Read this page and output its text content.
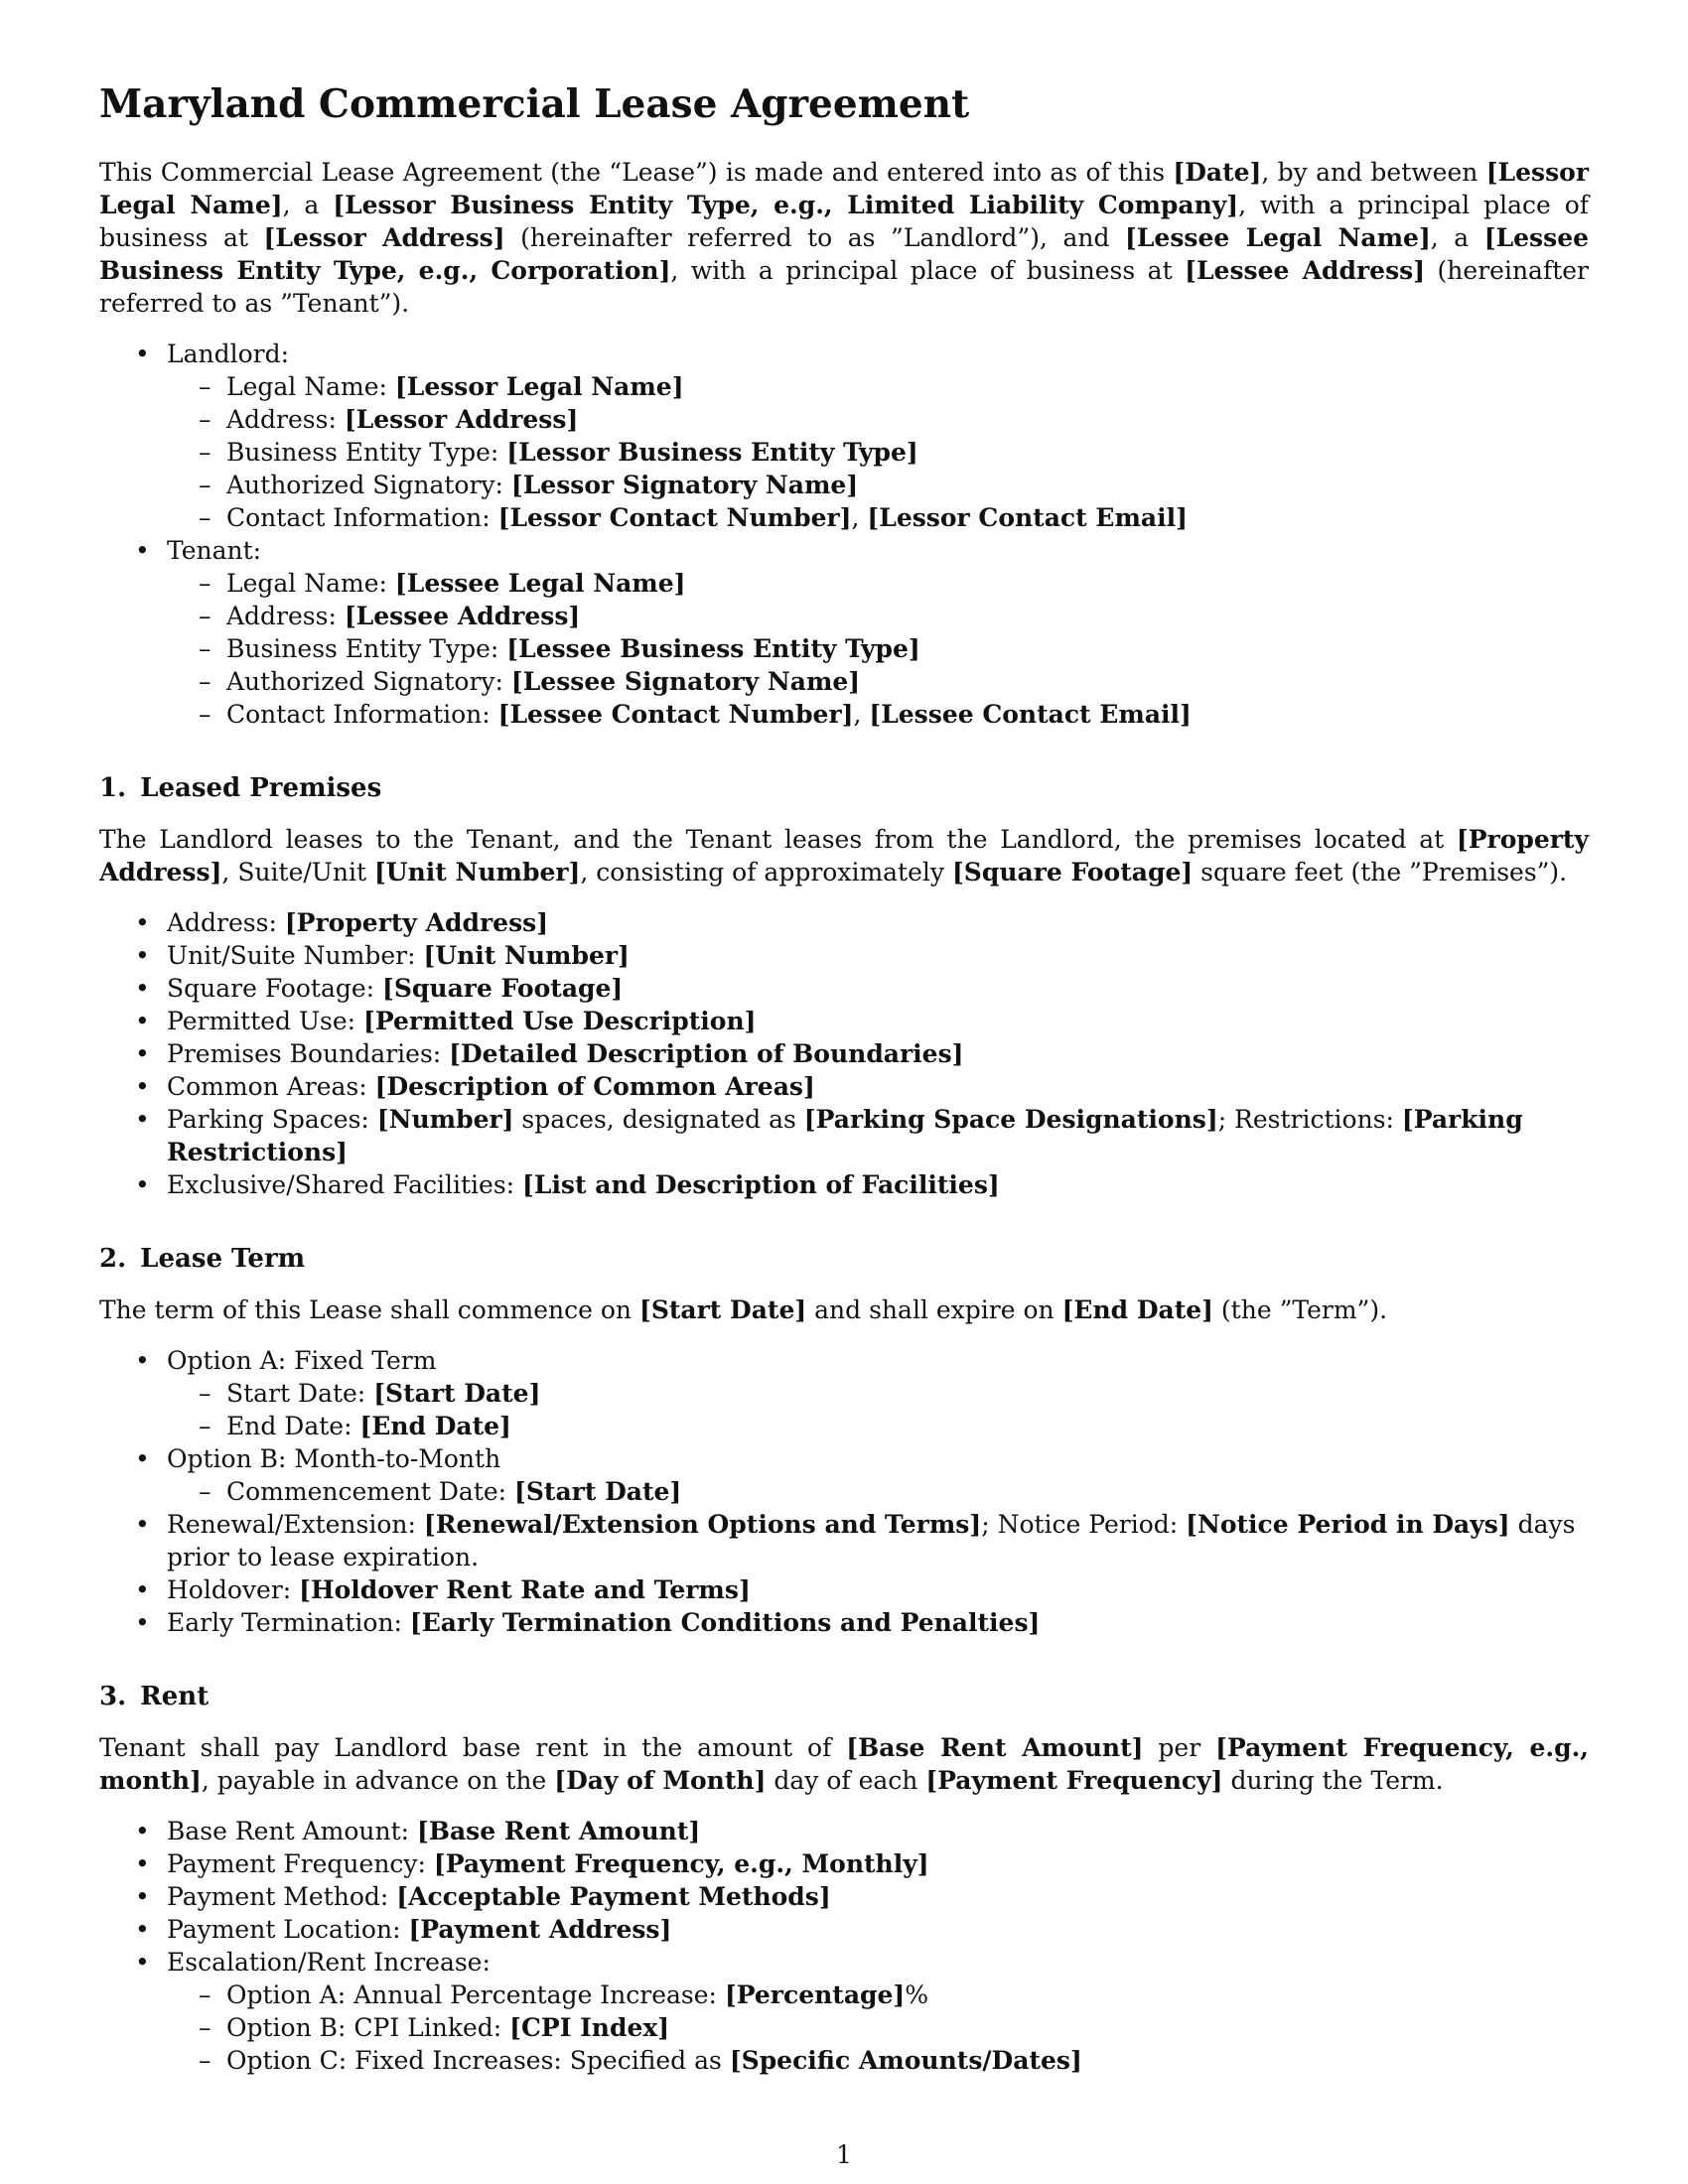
Maryland Commercial Lease Agreement

This Commercial Lease Agreement (the “Lease”) is made and entered into as of this [Date], by and between [Lessor Legal Name], a [Lessor Business Entity Type, e.g., Limited Liability Company], with a principal place of business at [Lessor Address] (hereinafter referred to as ”Landlord”), and [Lessee Legal Name], a [Lessee Business Entity Type, e.g., Corporation], with a principal place of business at [Lessee Address] (hereinafter referred to as ”Tenant”).

• Landlord:
– Legal Name: [Lessor Legal Name]
– Address: [Lessor Address]
– Business Entity Type: [Lessor Business Entity Type]
– Authorized Signatory: [Lessor Signatory Name]
– Contact Information: [Lessor Contact Number], [Lessor Contact Email]
• Tenant:
– Legal Name: [Lessee Legal Name]
– Address: [Lessee Address]
– Business Entity Type: [Lessee Business Entity Type]
– Authorized Signatory: [Lessee Signatory Name]
– Contact Information: [Lessee Contact Number], [Lessee Contact Email]
1. Leased Premises

The Landlord leases to the Tenant, and the Tenant leases from the Landlord, the premises located at [Property Address], Suite/Unit [Unit Number], consisting of approximately [Square Footage] square feet (the ”Premises”).

• Address: [Property Address]
• Unit/Suite Number: [Unit Number]
• Square Footage: [Square Footage]
• Permitted Use: [Permitted Use Description]
• Premises Boundaries: [Detailed Description of Boundaries]
• Common Areas: [Description of Common Areas]
• Parking Spaces: [Number] spaces, designated as [Parking Space Designations]; Restrictions: [Parking Restrictions]
• Exclusive/Shared Facilities: [List and Description of Facilities]
2. Lease Term

The term of this Lease shall commence on [Start Date] and shall expire on [End Date] (the ”Term”).

• Option A: Fixed Term
– Start Date: [Start Date]
– End Date: [End Date]
• Option B: Month-to-Month
– Commencement Date: [Start Date]
• Renewal/Extension: [Renewal/Extension Options and Terms]; Notice Period: [Notice Period in Days] days prior to lease expiration.
• Holdover: [Holdover Rent Rate and Terms]
• Early Termination: [Early Termination Conditions and Penalties]
3. Rent

Tenant shall pay Landlord base rent in the amount of [Base Rent Amount] per [Payment Frequency, e.g., month], payable in advance on the [Day of Month] day of each [Payment Frequency] during the Term.

• Base Rent Amount: [Base Rent Amount]
• Payment Frequency: [Payment Frequency, e.g., Monthly]
• Payment Method: [Acceptable Payment Methods]
• Payment Location: [Payment Address]
• Escalation/Rent Increase:
– Option A: Annual Percentage Increase: [Percentage]%
– Option B: CPI Linked: [CPI Index]
– Option C: Fixed Increases: Specified as [Specific Amounts/Dates]
1
